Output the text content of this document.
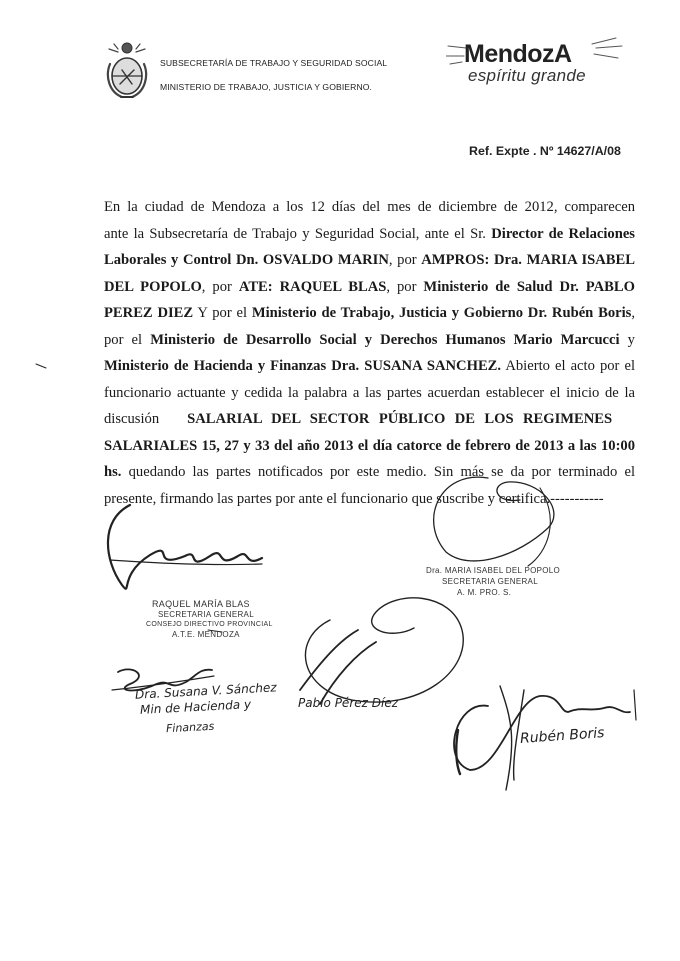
SUBSECRETARÍA DE TRABAJO Y SEGURIDAD SOCIAL
MINISTERIO DE TRABAJO, JUSTICIA Y GOBIERNO.
MendozA
espíritu grande
Ref. Expte . Nº 14627/A/08
En la ciudad de Mendoza a los 12 días del mes de diciembre de 2012, comparecen
ante la Subsecretaría de Trabajo y Seguridad Social, ante el Sr. Director de Relaciones
Laborales y Control Dn. OSVALDO MARIN, por AMPROS: Dra. MARIA ISABEL
DEL POPOLO, por ATE: RAQUEL BLAS, por Ministerio de Salud Dr. PABLO
PEREZ DIEZ Y por el Ministerio de Trabajo, Justicia y Gobierno Dr. Rubén Boris,
por el Ministerio de Desarrollo Social y Derechos Humanos Mario Marcucci y
Ministerio de Hacienda y Finanzas Dra. SUSANA SANCHEZ. Abierto el acto por el
funcionario actuante y cedida la palabra a las partes acuerdan establecer el inicio de la
discusión SALARIAL DEL SECTOR PÚBLICO DE LOS REGIMENES
SALARIALES 15, 27 y 33 del año 2013 el día catorce de febrero de 2013 a las 10:00
hs. quedando las partes notificados por este medio. Sin más se da por terminado el
presente, firmando las partes por ante el funcionario que suscribe y certifica.-----------
Dra. MARIA ISABEL DEL POPOLO
SECRETARIA GENERAL
A. M. PRO. S.
RAQUEL MARÍA BLAS
SECRETARIA GENERAL
CONSEJO DIRECTIVO PROVINCIAL
A.T.E. MENDOZA
Dra. Susana V. Sánchez
Min de Hacienda y
Finanzas
Pablo Pérez Díez
Rubén Boris
